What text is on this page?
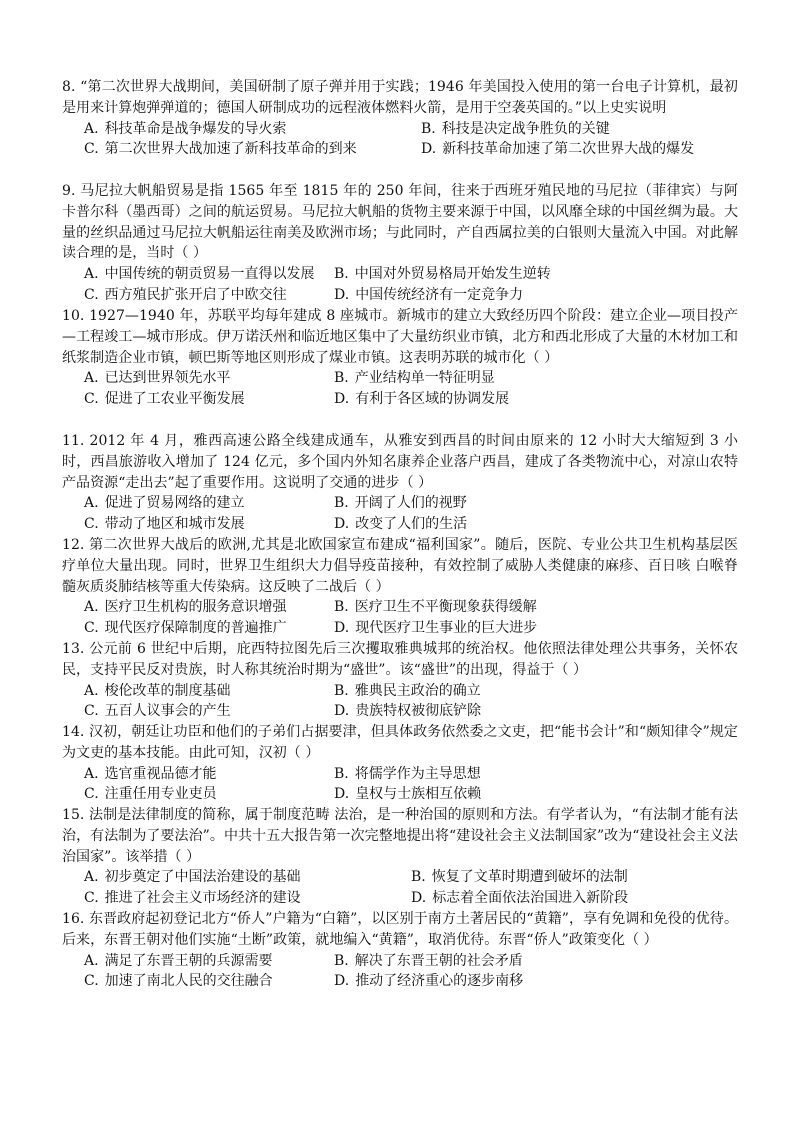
8. “第二次世界大战期间，美国研制了原子弹并用于实践；1946 年美国投入使用的第一台电子计算机，最初是用来计算炮弹弹道的；德国人研制成功的远程液体燃料火箭，是用于空袭英国的。”以上史实说明
A. 科技革命是战争爆发的导火索	B. 科技是决定战争胜负的关键
C. 第二次世界大战加速了新科技革命的到来	D. 新科技革命加速了第二次世界大战的爆发
9. 马尼拉大帆船贸易是指 1565 年至 1815 年的 250 年间，往来于西班牙殖民地的马尼拉（菲律宾）与阿卡普尔科（墨西哥）之间的航运贸易。马尼拉大帆船的货物主要来源于中国，以风靡全球的中国丝绸为最。大量的丝织品通过马尼拉大帆船运往南美及欧洲市场；与此同时，产自西属拉美的白银则大量流入中国。对此解读合理的是，当时（ ）
A. 中国传统的朝贡贸易一直得以发展	B. 中国对外贸易格局开始发生逆转
C. 西方殖民扩张开启了中欧交往	D. 中国传统经济有一定竞争力
10. 1927—1940 年，苏联平均每年建成 8 座城市。新城市的建立大致经历四个阶段：建立企业—项目投产—工程竣工—城市形成。伊万诺沃州和临近地区集中了大量纺织业市镇，北方和西北形成了大量的木材加工和纸浆制造企业市镇，顿巴斯等地区则形成了煤业市镇。这表明苏联的城市化（ ）
A. 已达到世界领先水平	B. 产业结构单一特征明显
C. 促进了工农业平衡发展	D. 有利于各区域的协调发展
11. 2012 年 4 月，雅西高速公路全线建成通车，从雅安到西昌的时间由原来的 12 小时大大缩短到 3 小时，西昌旅游收入增加了 124 亿元，多个国内外知名康养企业落户西昌，建成了各类物流中心，对凉山农特产品资源“走出去”起了重要作用。这说明了交通的进步（ ）
A. 促进了贸易网络的建立	B. 开阔了人们的视野
C. 带动了地区和城市发展	D. 改变了人们的生活
12. 第二次世界大战后的欧洲,尤其是北欧国家宣布建成“福利国家”。随后，医院、专业公共卫生机构基层医疗单位大量出现。同时，世界卫生组织大力倡导疫苗接种，有效控制了威胁人类健康的麻疹、百日咳 白喉脊髓灰质炎肺结核等重大传染病。这反映了二战后（ ）
A. 医疗卫生机构的服务意识增强	B. 医疗卫生不平衡现象获得缓解
C. 现代医疗保障制度的普遍推广	D. 现代医疗卫生事业的巨大进步
13. 公元前 6 世纪中后期，庇西特拉图先后三次攫取雅典城邦的统治权。他依照法律处理公共事务，关怀农民，支持平民反对贵族，时人称其统治时期为“盛世”。该“盛世”的出现，得益于（ ）
A. 梭伦改革的制度基础	B. 雅典民主政治的确立
C. 五百人议事会的产生	D. 贵族特权被彻底铲除
14. 汉初，朝廷让功臣和他们的子弟们占据要津，但具体政务依然委之文吏，把“能书会计”和“颇知律令”规定为文吏的基本技能。由此可知，汉初（ ）
A. 选官重视品德才能	B. 将儒学作为主导思想
C. 注重任用专业吏员	D. 皇权与士族相互依赖
15. 法制是法律制度的简称，属于制度范畴 法治，是一种治国的原则和方法。有学者认为，“有法制才能有法治，有法制为了要法治”。中共十五大报告第一次完整地提出将“建设社会主义法制国家”改为“建设社会主义法治国家”。该举措（ ）
A. 初步奠定了中国法治建设的基础	B. 恢复了文革时期遭到破坏的法制
C. 推进了社会主义市场经济的建设	D. 标志着全面依法治国进入新阶段
16. 东晋政府起初登记北方“侨人”户籍为“白籍”，以区别于南方土著居民的“黄籍”，享有免调和免役的优待。后来，东晋王朝对他们实施“土断”政策，就地编入“黄籍”，取消优待。东晋“侨人”政策变化（ ）
A. 满足了东晋王朝的兵源需要	B. 解决了东晋王朝的社会矛盾
C. 加速了南北人民的交往融合	D. 推动了经济重心的逐步南移
